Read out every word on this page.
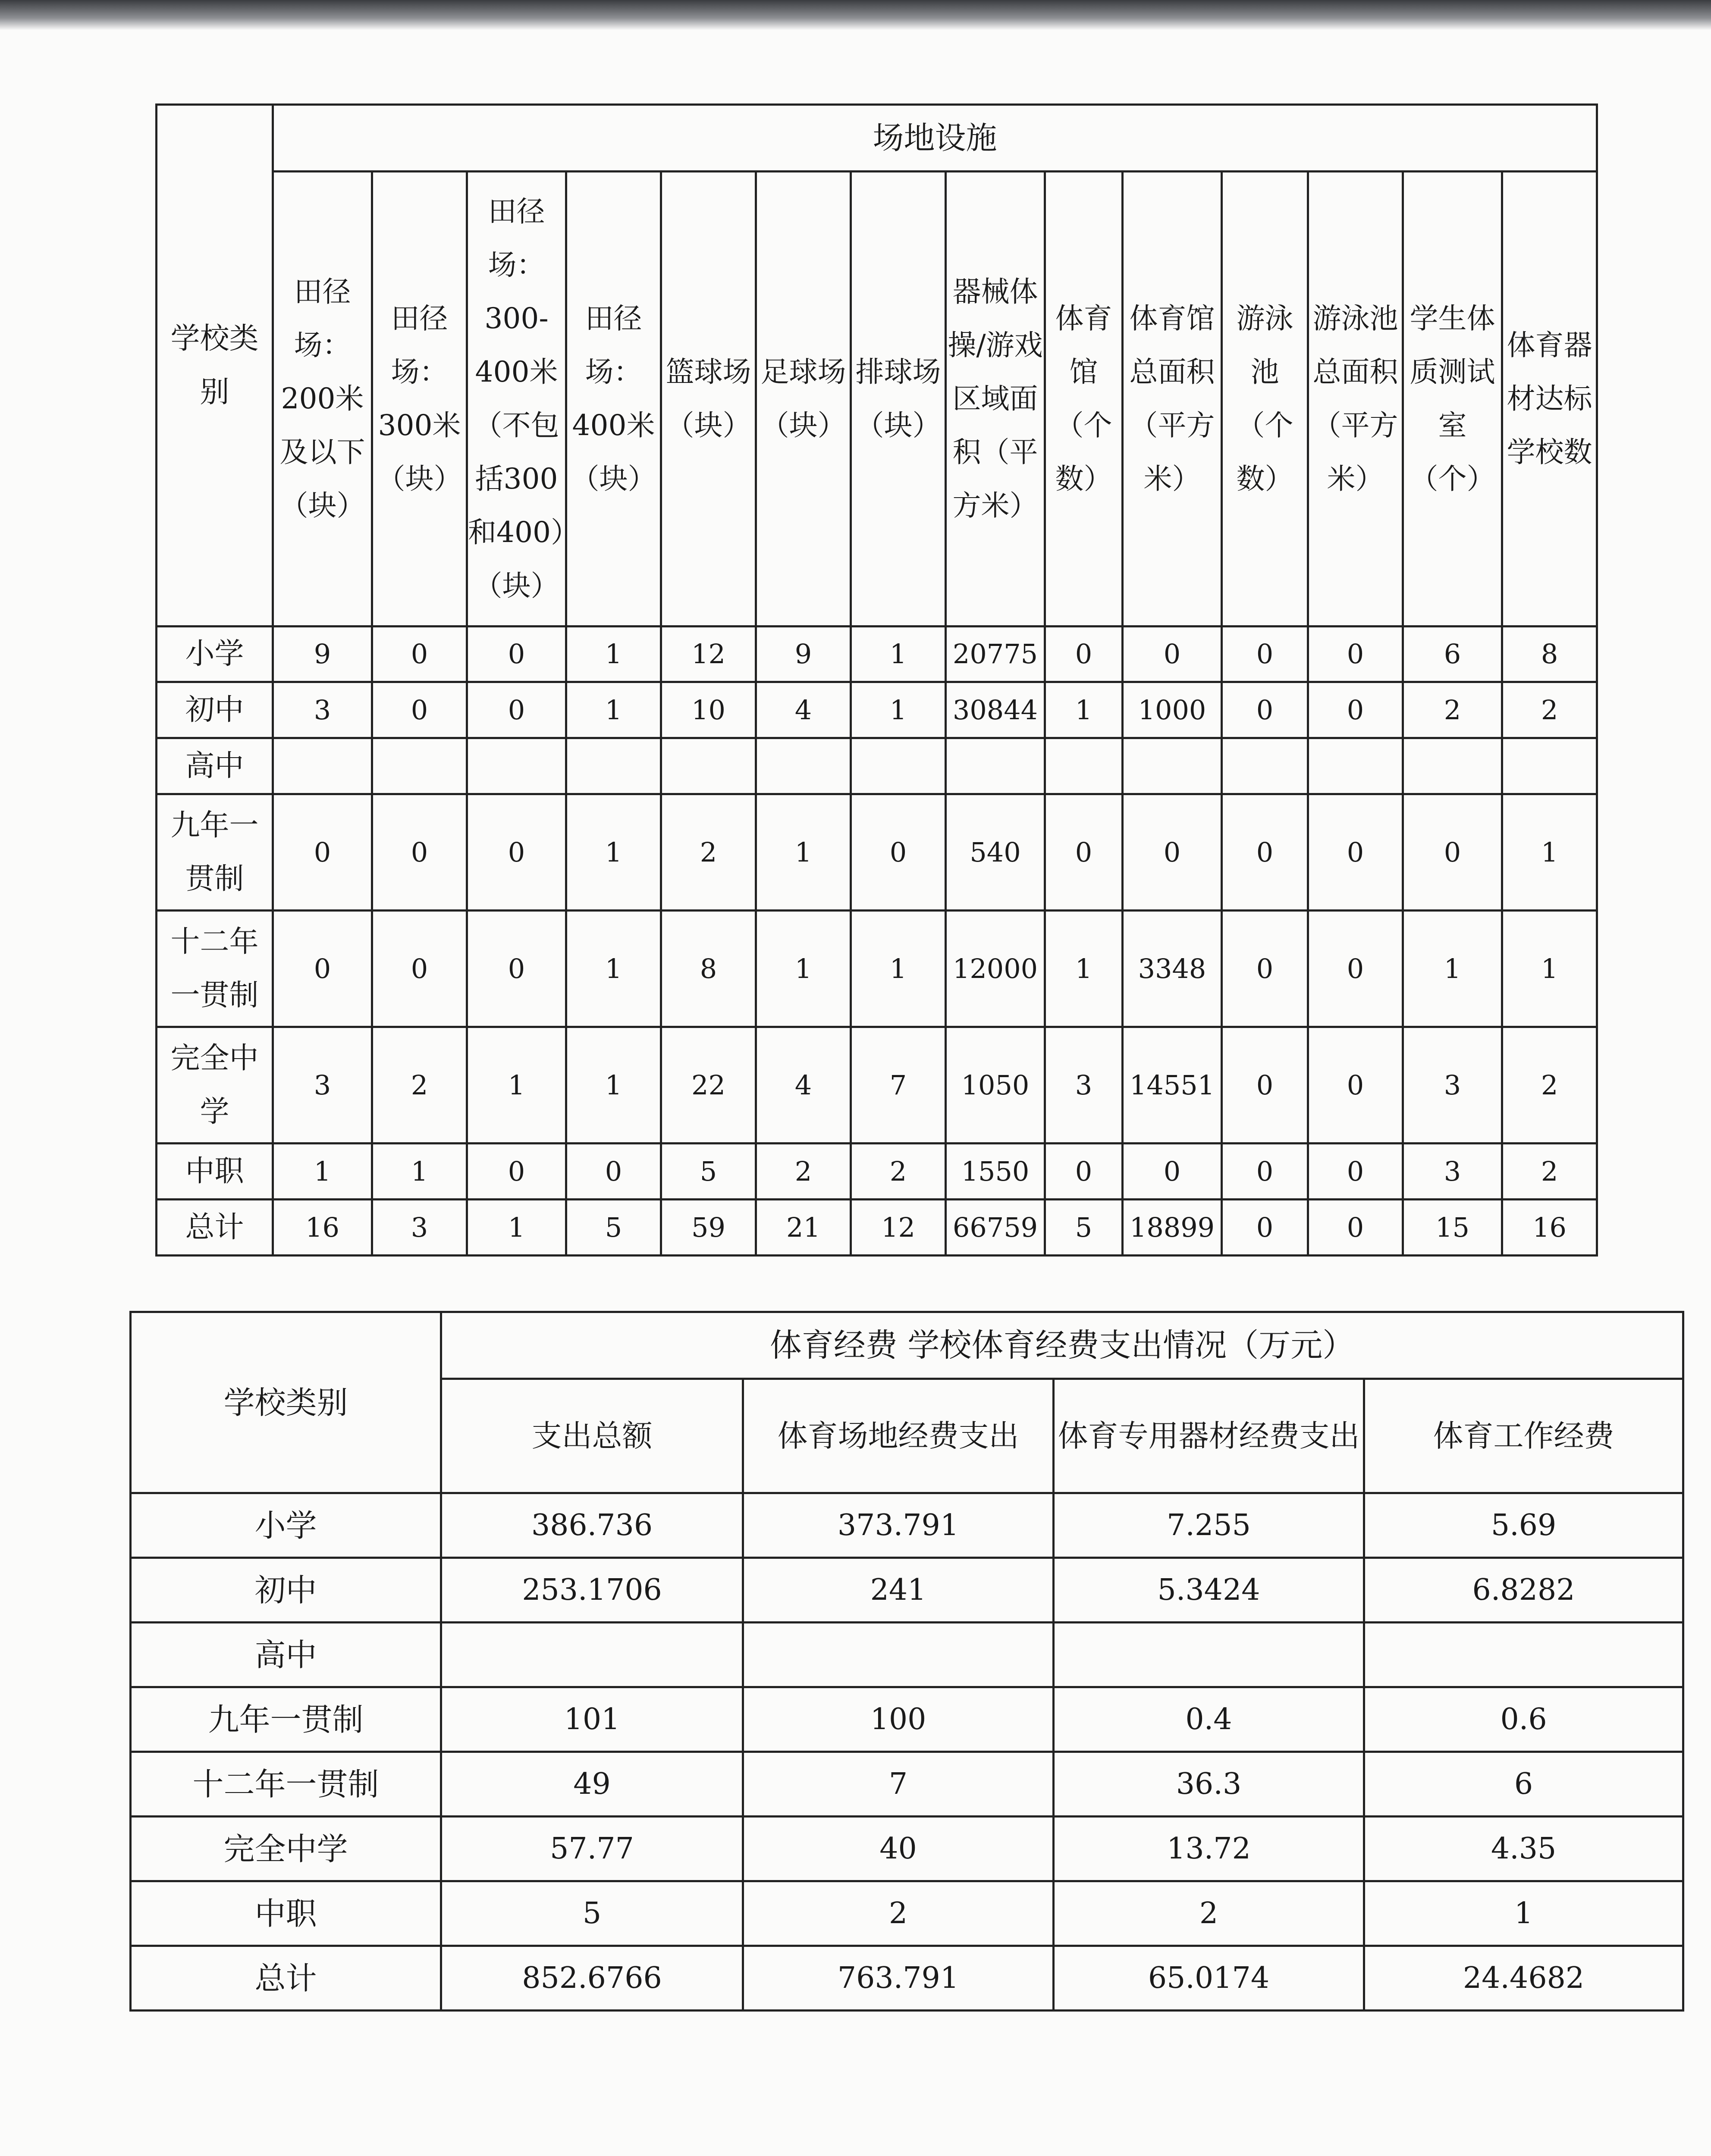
学校类别	场地设施													
	田径场：200米及以下（块）	田径场：300米（块）	田径场：300-400米（不包括300和400）（块）	田径场：400米（块）	篮球场（块）	足球场（块）	排球场（块）	器械体操/游戏区域面积（平方米）	体育馆（个数）	体育馆总面积（平方米）	游泳池（个数）	游泳池总面积（平方米）	学生体质测试室（个）	体育器材达标学校数
小学	9	0	0	1	12	9	1	20775	0	0	0	0	6	8
初中	3	0	0	1	10	4	1	30844	1	1000	0	0	2	2
高中														
九年一贯制	0	0	0	1	2	1	0	540	0	0	0	0	0	1
十二年一贯制	0	0	0	1	8	1	1	12000	1	3348	0	0	1	1
完全中学	3	2	1	1	22	4	7	1050	3	14551	0	0	3	2
中职	1	1	0	0	5	2	2	1550	0	0	0	0	3	2
总计	16	3	1	5	59	21	12	66759	5	18899	0	0	15	16
学校类别	体育经费 学校体育经费支出情况（万元）			
	支出总额	体育场地经费支出	体育专用器材经费支出	体育工作经费
小学	386.736	373.791	7.255	5.69
初中	253.1706	241	5.3424	6.8282
高中				
九年一贯制	101	100	0.4	0.6
十二年一贯制	49	7	36.3	6
完全中学	57.77	40	13.72	4.35
中职	5	2	2	1
总计	852.6766	763.791	65.0174	24.4682
